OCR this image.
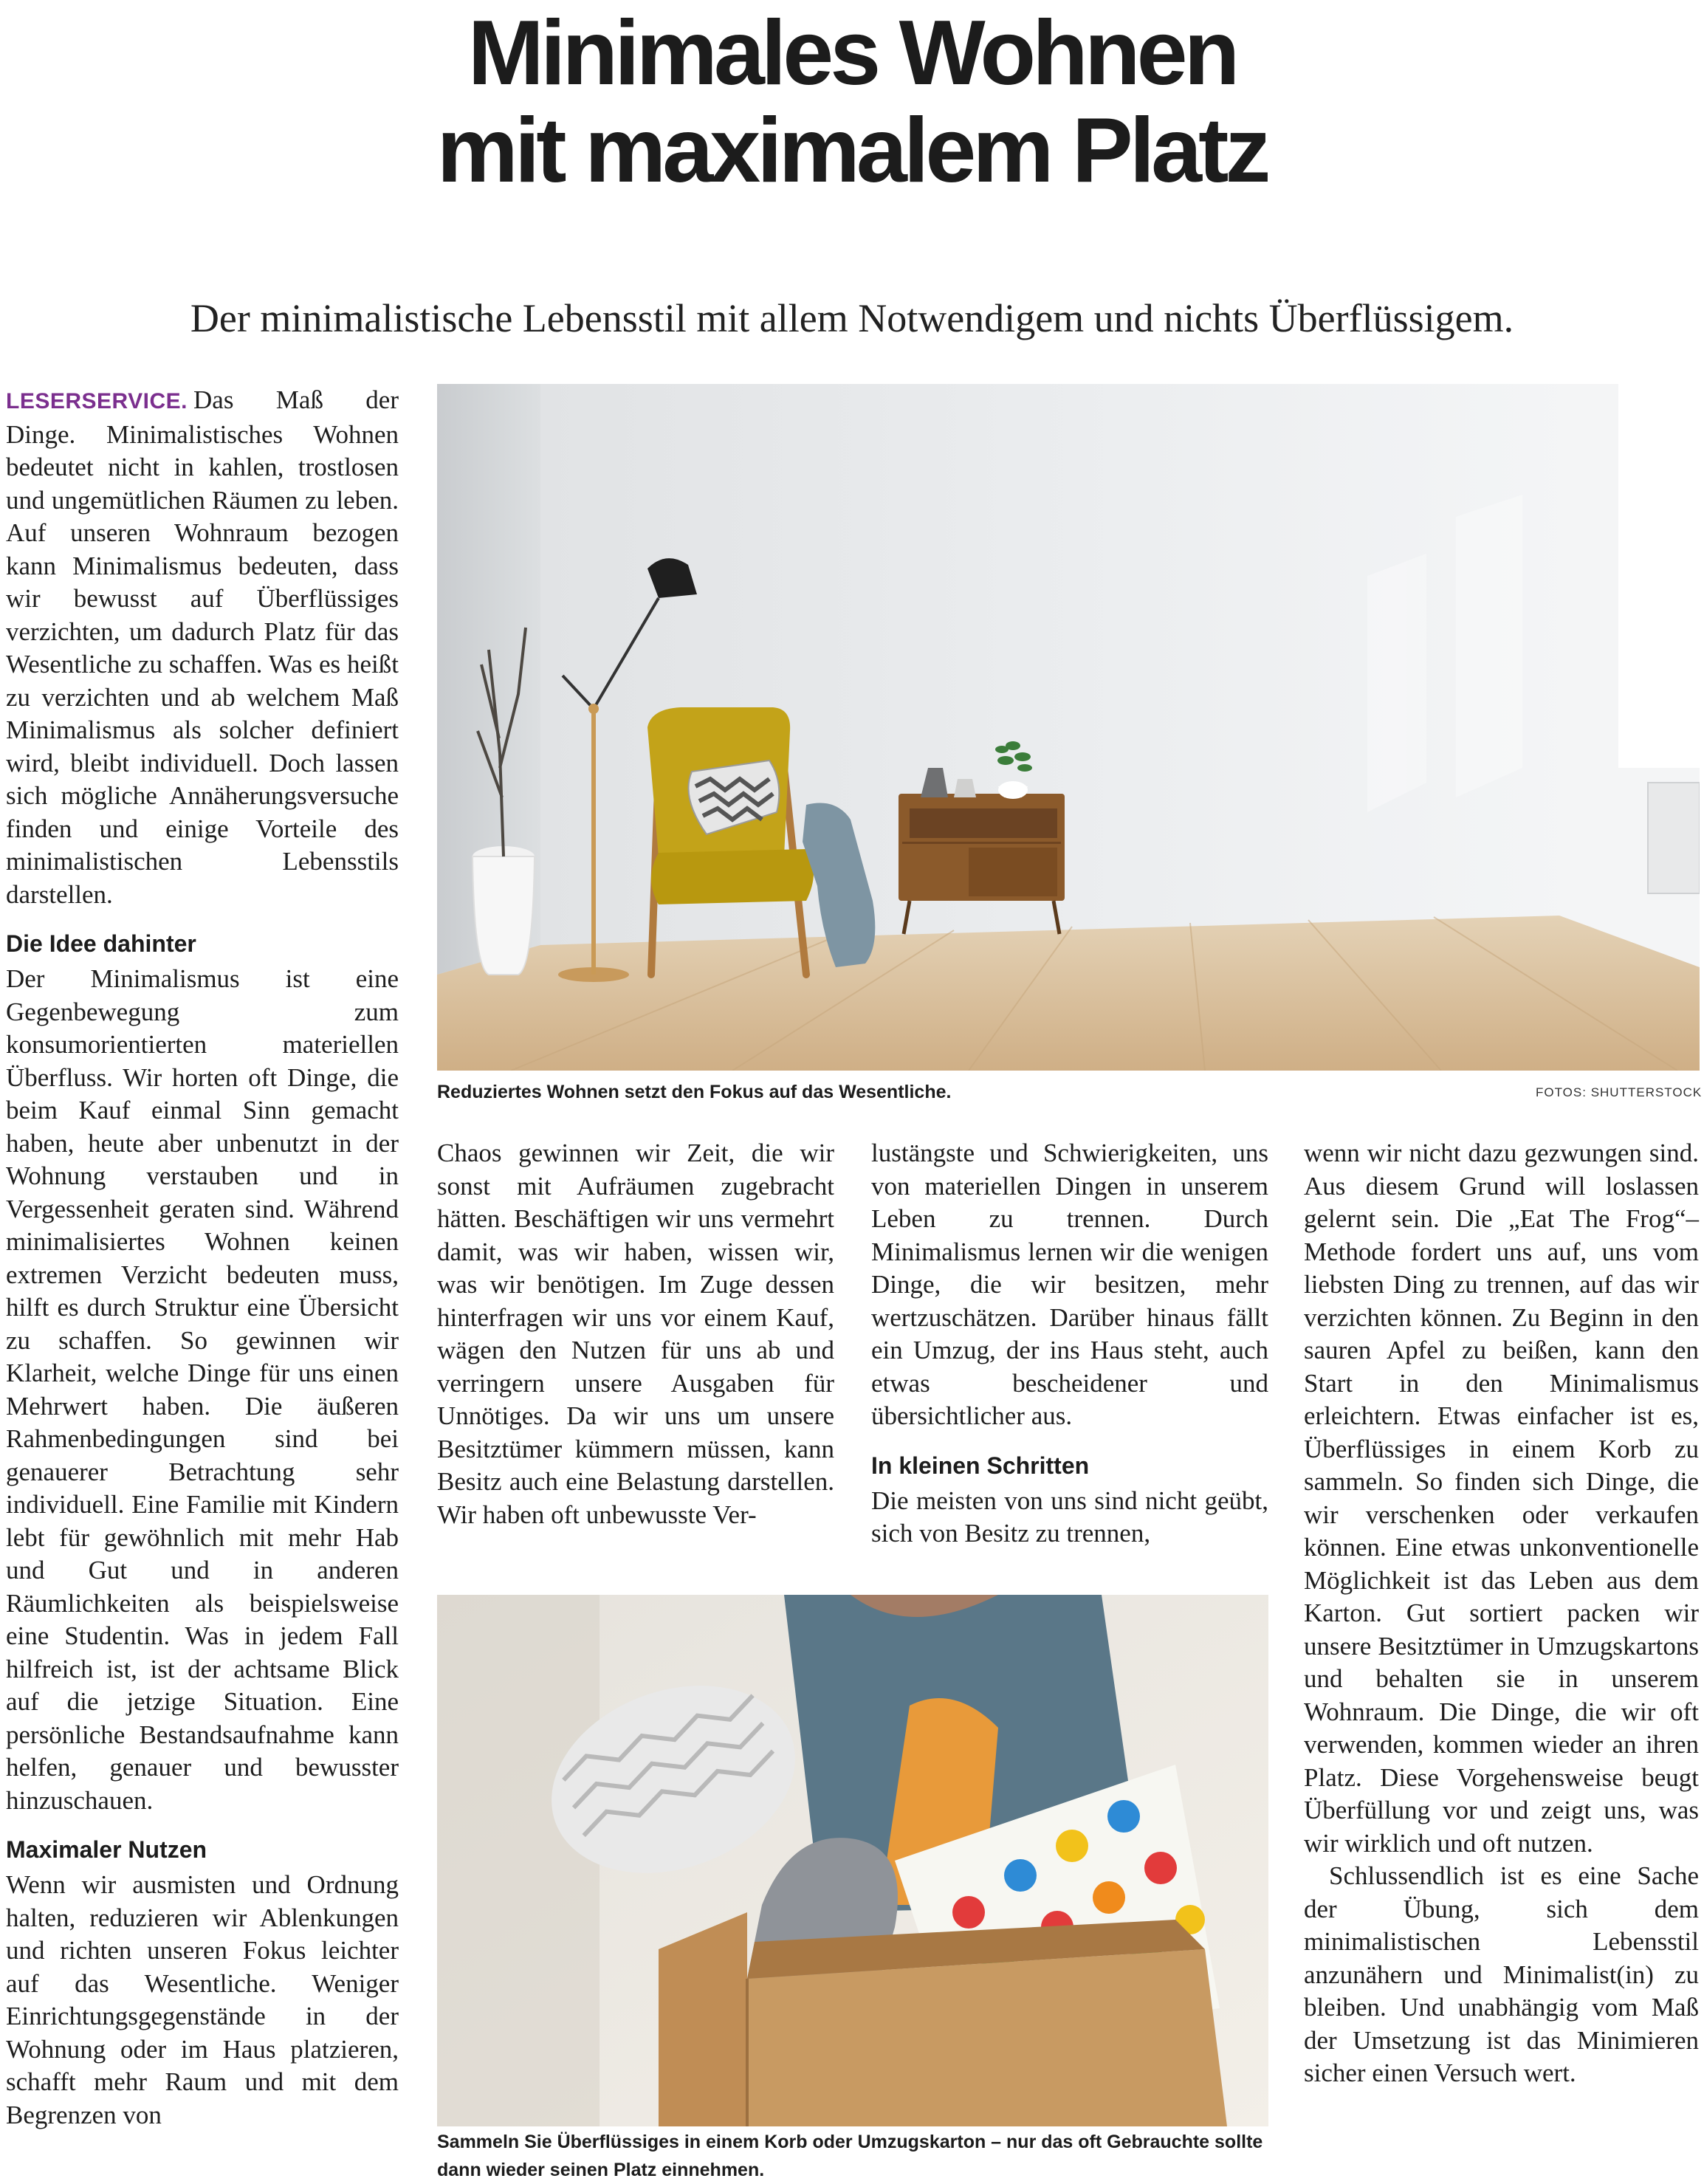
Minimales Wohnen
mit maximalem Platz
Der minimalistische Lebensstil mit allem Notwendigem und nichts Überflüssigem.

LESERSERVICE. Das Maß der Dinge. Minimalistisches Wohnen bedeutet nicht in kahlen, trostlosen und ungemütlichen Räumen zu leben. Auf unseren Wohnraum bezogen kann Minimalismus bedeuten, dass wir bewusst auf Überflüssiges verzichten, um dadurch Platz für das Wesentliche zu schaffen. Was es heißt zu verzichten und ab welchem Maß Minimalismus als solcher definiert wird, bleibt individuell. Doch lassen sich mögliche Annäherungsversuche finden und einige Vorteile des minimalistischen Lebensstils darstellen.

Die Idee dahinter

Der Minimalismus ist eine Gegenbewegung zum konsumorientierten materiellen Überfluss. Wir horten oft Dinge, die beim Kauf einmal Sinn gemacht haben, heute aber unbenutzt in der Wohnung verstauben und in Vergessenheit geraten sind. Während minimalisiertes Wohnen keinen extremen Verzicht bedeuten muss, hilft es durch Struktur eine Übersicht zu schaffen. So gewinnen wir Klarheit, welche Dinge für uns einen Mehrwert haben. Die äußeren Rahmenbedingungen sind bei genauerer Betrachtung sehr individuell. Eine Familie mit Kindern lebt für gewöhnlich mit mehr Hab und Gut und in anderen Räumlichkeiten als beispielsweise eine Studentin. Was in jedem Fall hilfreich ist, ist der achtsame Blick auf die jetzige Situation. Eine persönliche Bestandsaufnahme kann helfen, genauer und bewusster hinzuschauen.

Maximaler Nutzen

Wenn wir ausmisten und Ordnung halten, reduzieren wir Ablenkungen und richten unseren Fokus leichter auf das Wesentliche. Weniger Einrichtungsgegenstände in der Wohnung oder im Haus platzieren, schafft mehr Raum und mit dem Begrenzen von

Reduziertes Wohnen setzt den Fokus auf das Wesentliche.	FOTOS: SHUTTERSTOCK

Chaos gewinnen wir Zeit, die wir sonst mit Aufräumen zugebracht hätten. Beschäftigen wir uns vermehrt damit, was wir haben, wissen wir, was wir benötigen. Im Zuge dessen hinterfragen wir uns vor einem Kauf, wägen den Nutzen für uns ab und verringern unsere Ausgaben für Unnötiges. Da wir uns um unsere Besitztümer kümmern müssen, kann Besitz auch eine Belastung darstellen. Wir haben oft unbewusste Ver-

lustängste und Schwierigkeiten, uns von materiellen Dingen in unserem Leben zu trennen. Durch Minimalismus lernen wir die wenigen Dinge, die wir besitzen, mehr wertzuschätzen. Darüber hinaus fällt ein Umzug, der ins Haus steht, auch etwas bescheidener und übersichtlicher aus.

In kleinen Schritten

Die meisten von uns sind nicht geübt, sich von Besitz zu trennen,

wenn wir nicht dazu gezwungen sind. Aus diesem Grund will loslassen gelernt sein. Die „Eat The Frog“–Methode fordert uns auf, uns vom liebsten Ding zu trennen, auf das wir verzichten können. Zu Beginn in den sauren Apfel zu beißen, kann den Start in den Minimalismus erleichtern. Etwas einfacher ist es, Überflüssiges in einem Korb zu sammeln. So finden sich Dinge, die wir verschenken oder verkaufen können. Eine etwas unkonventionelle Möglichkeit ist das Leben aus dem Karton. Gut sortiert packen wir unsere Besitztümer in Umzugskartons und behalten sie in unserem Wohnraum. Die Dinge, die wir oft verwenden, kommen wieder an ihren Platz. Diese Vorgehensweise beugt Überfüllung vor und zeigt uns, was wir wirklich und oft nutzen.

Schlussendlich ist es eine Sache der Übung, sich dem minimalistischen Lebensstil anzunähern und Minimalist(in) zu bleiben. Und unabhängig vom Maß der Umsetzung ist das Minimieren sicher einen Versuch wert.

Sammeln Sie Überflüssiges in einem Korb oder Umzugskarton – nur das oft Gebrauchte sollte dann wieder seinen Platz einnehmen.
